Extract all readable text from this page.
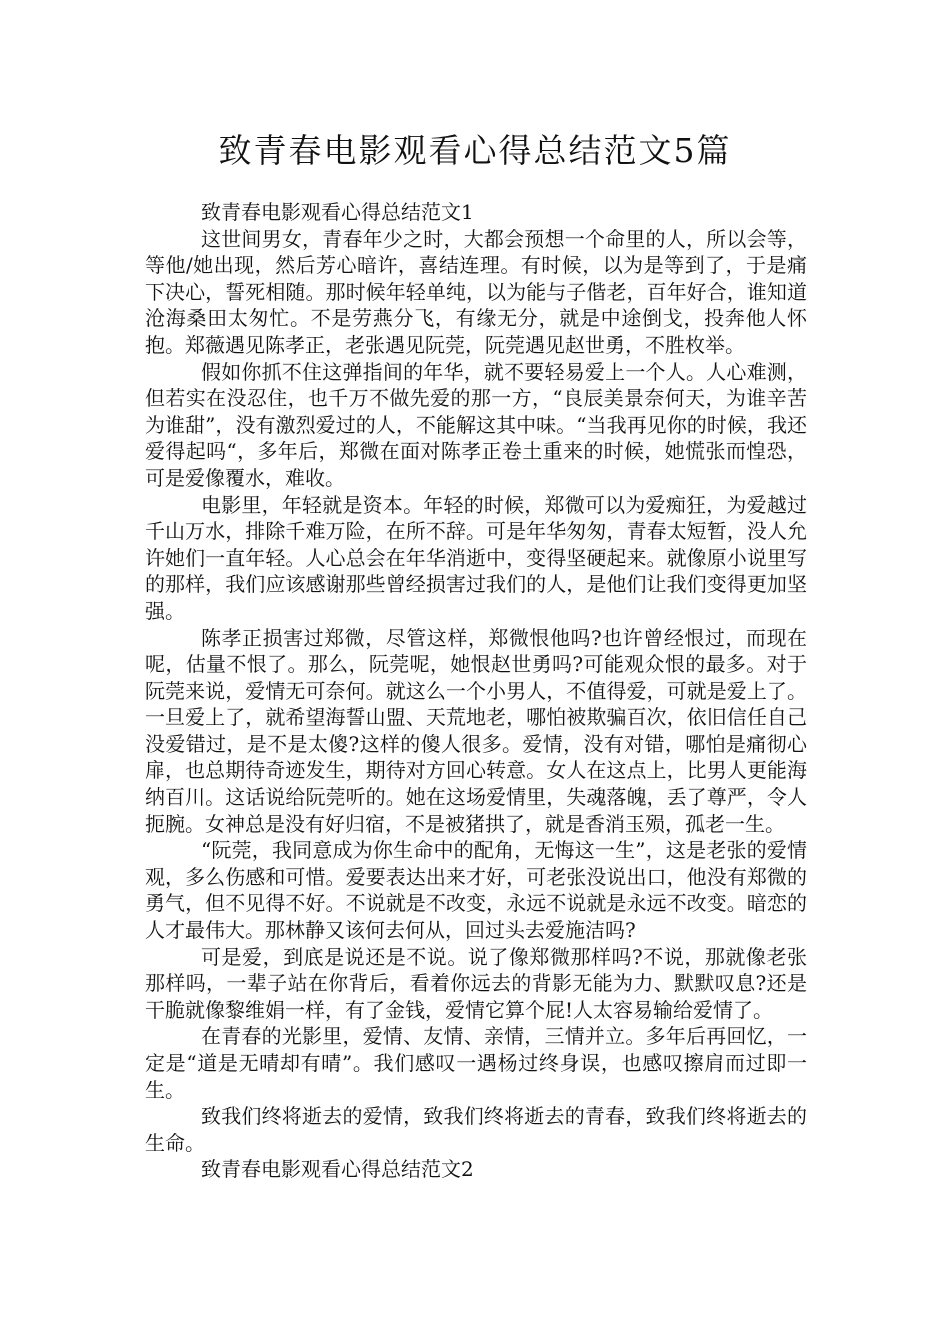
致青春电影观看心得总结范文5篇

致青春电影观看心得总结范文1

这世间男女，青春年少之时，大都会预想一个命里的人，所以会等，等他/她出现，然后芳心暗许，喜结连理。有时候，以为是等到了，于是痛下决心，誓死相随。那时候年轻单纯，以为能与子偕老，百年好合，谁知道沧海桑田太匆忙。不是劳燕分飞，有缘无分，就是中途倒戈，投奔他人怀抱。郑薇遇见陈孝正，老张遇见阮莞，阮莞遇见赵世勇，不胜枚举。

假如你抓不住这弹指间的年华，就不要轻易爱上一个人。人心难测，但若实在没忍住，也千万不做先爱的那一方，“良辰美景奈何天，为谁辛苦为谁甜”，没有激烈爱过的人，不能解这其中味。“当我再见你的时候，我还爱得起吗“，多年后，郑微在面对陈孝正卷土重来的时候，她慌张而惶恐，可是爱像覆水，难收。

电影里，年轻就是资本。年轻的时候，郑微可以为爱痴狂，为爱越过千山万水，排除千难万险，在所不辞。可是年华匆匆，青春太短暂，没人允许她们一直年轻。人心总会在年华消逝中，变得坚硬起来。就像原小说里写的那样，我们应该感谢那些曾经损害过我们的人，是他们让我们变得更加坚强。

陈孝正损害过郑微，尽管这样，郑微恨他吗?也许曾经恨过，而现在呢，估量不恨了。那么，阮莞呢，她恨赵世勇吗?可能观众恨的最多。对于阮莞来说，爱情无可奈何。就这么一个小男人，不值得爱，可就是爱上了。一旦爱上了，就希望海誓山盟、天荒地老，哪怕被欺骗百次，依旧信任自己没爱错过，是不是太傻?这样的傻人很多。爱情，没有对错，哪怕是痛彻心扉，也总期待奇迹发生，期待对方回心转意。女人在这点上，比男人更能海纳百川。这话说给阮莞听的。她在这场爱情里，失魂落魄，丢了尊严，令人扼腕。女神总是没有好归宿，不是被猪拱了，就是香消玉殒，孤老一生。

“阮莞，我同意成为你生命中的配角，无悔这一生”，这是老张的爱情观，多么伤感和可惜。爱要表达出来才好，可老张没说出口，他没有郑微的勇气，但不见得不好。不说就是不改变，永远不说就是永远不改变。暗恋的人才最伟大。那林静又该何去何从，回过头去爱施洁吗?

可是爱，到底是说还是不说。说了像郑微那样吗?不说，那就像老张那样吗，一辈子站在你背后，看着你远去的背影无能为力、默默叹息?还是干脆就像黎维娟一样，有了金钱，爱情它算个屁!人太容易输给爱情了。

在青春的光影里，爱情、友情、亲情，三情并立。多年后再回忆，一定是“道是无晴却有晴”。我们感叹一遇杨过终身误，也感叹擦肩而过即一生。

致我们终将逝去的爱情，致我们终将逝去的青春，致我们终将逝去的生命。

致青春电影观看心得总结范文2
